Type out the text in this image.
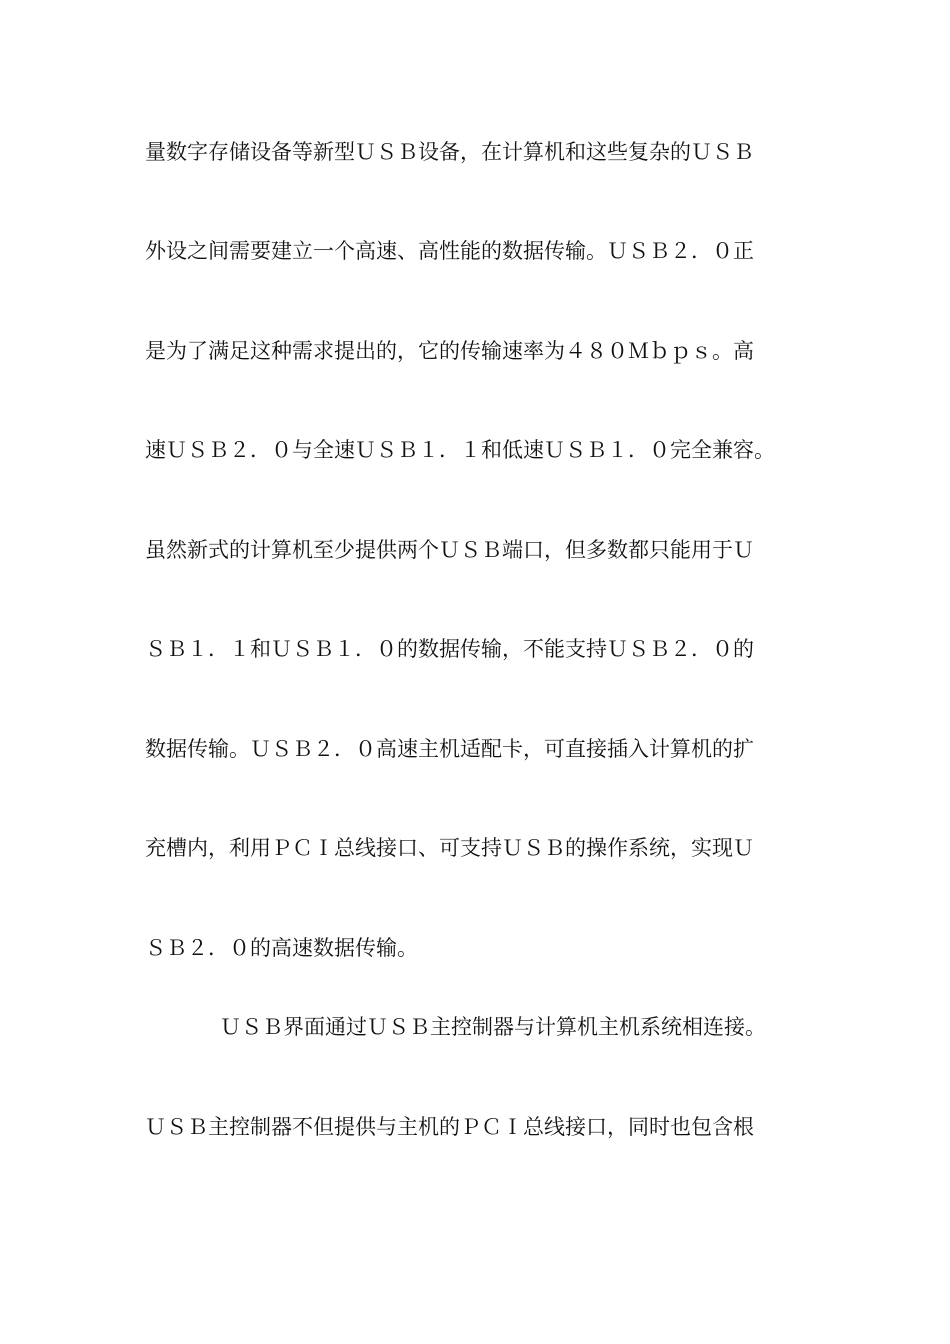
量数字存储设备等新型ＵＳＢ设备，在计算机和这些复杂的ＵＳＢ
外设之间需要建立一个高速、高性能的数据传输。ＵＳＢ２．０正
是为了满足这种需求提出的，它的传输速率为４８０Ｍｂｐｓ。高
速ＵＳＢ２．０与全速ＵＳＢ１．１和低速ＵＳＢ１．０完全兼容。
虽然新式的计算机至少提供两个ＵＳＢ端口，但多数都只能用于Ｕ
ＳＢ１．１和ＵＳＢ１．０的数据传输，不能支持ＵＳＢ２．０的
数据传输。ＵＳＢ２．０高速主机适配卡，可直接插入计算机的扩
充槽内，利用ＰＣＩ总线接口、可支持ＵＳＢ的操作系统，实现Ｕ
ＳＢ２．０的高速数据传输。
ＵＳＢ界面通过ＵＳＢ主控制器与计算机主机系统相连接。
ＵＳＢ主控制器不但提供与主机的ＰＣＩ总线接口，同时也包含根
